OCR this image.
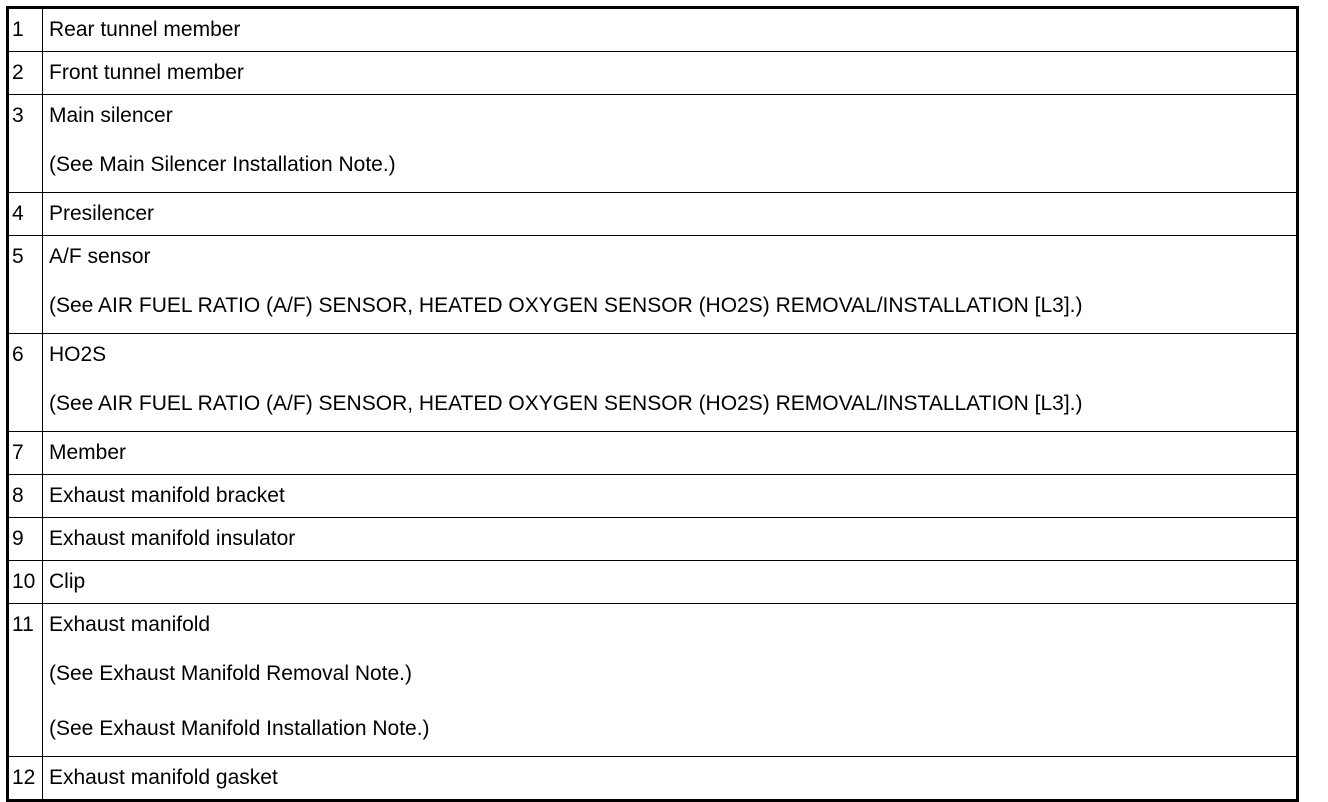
1	Rear tunnel member

2	Front tunnel member

3	Main silencer
(See Main Silencer Installation Note.)

4	Presilencer

5	A/F sensor
(See AIR FUEL RATIO (A/F) SENSOR, HEATED OXYGEN SENSOR (HO2S) REMOVAL/INSTALLATION [L3].)

6	HO2S
(See AIR FUEL RATIO (A/F) SENSOR, HEATED OXYGEN SENSOR (HO2S) REMOVAL/INSTALLATION [L3].)

7	Member

8	Exhaust manifold bracket

9	Exhaust manifold insulator

10	Clip

11	Exhaust manifold
(See Exhaust Manifold Removal Note.)
(See Exhaust Manifold Installation Note.)

12	Exhaust manifold gasket
